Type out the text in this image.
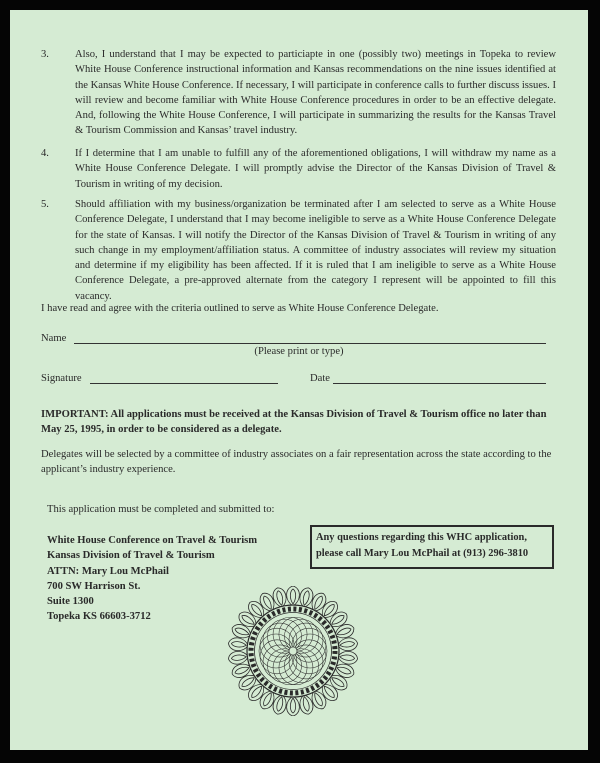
3. Also, I understand that I may be expected to particiapte in one (possibly two) meetings in Topeka to review White House Conference instructional information and Kansas recommendations on the nine issues identified at the Kansas White House Conference. If necessary, I will participate in conference calls to further discuss issues. I will review and become familiar with White House Conference procedures in order to be an effective delegate. And, following the White House Conference, I will participate in summarizing the results for the Kansas Travel & Tourism Commission and Kansas’ travel industry.
4. If I determine that I am unable to fulfill any of the aforementioned obligations, I will withdraw my name as a White House Conference Delegate. I will promptly advise the Director of the Kansas Division of Travel & Tourism in writing of my decision.
5. Should affiliation with my business/organization be terminated after I am selected to serve as a White House Conference Delegate, I understand that I may become ineligible to serve as a White House Conference Delegate for the state of Kansas. I will notify the Director of the Kansas Division of Travel & Tourism in writing of any such change in my employment/affiliation status. A committee of industry associates will review my situation and determine if my eligibility has been affected. If it is ruled that I am ineligible to serve as a White House Conference Delegate, a pre-approved alternate from the category I represent will be appointed to fill this vacancy.
I have read and agree with the criteria outlined to serve as White House Conference Delegate.
Name
(Please print or type)
Signature	Date
IMPORTANT: All applications must be received at the Kansas Division of Travel & Tourism office no later than May 25, 1995, in order to be considered as a delegate.
Delegates will be selected by a committee of industry associates on a fair representation across the state according to the applicant’s industry experience.
This application must be completed and submitted to:
White House Conference on Travel & Tourism
Kansas Division of Travel & Tourism
ATTN: Mary Lou McPhail
700 SW Harrison St.
Suite 1300
Topeka KS 66603-3712
Any questions regarding this WHC application,
please call Mary Lou McPhail at (913) 296-3810
